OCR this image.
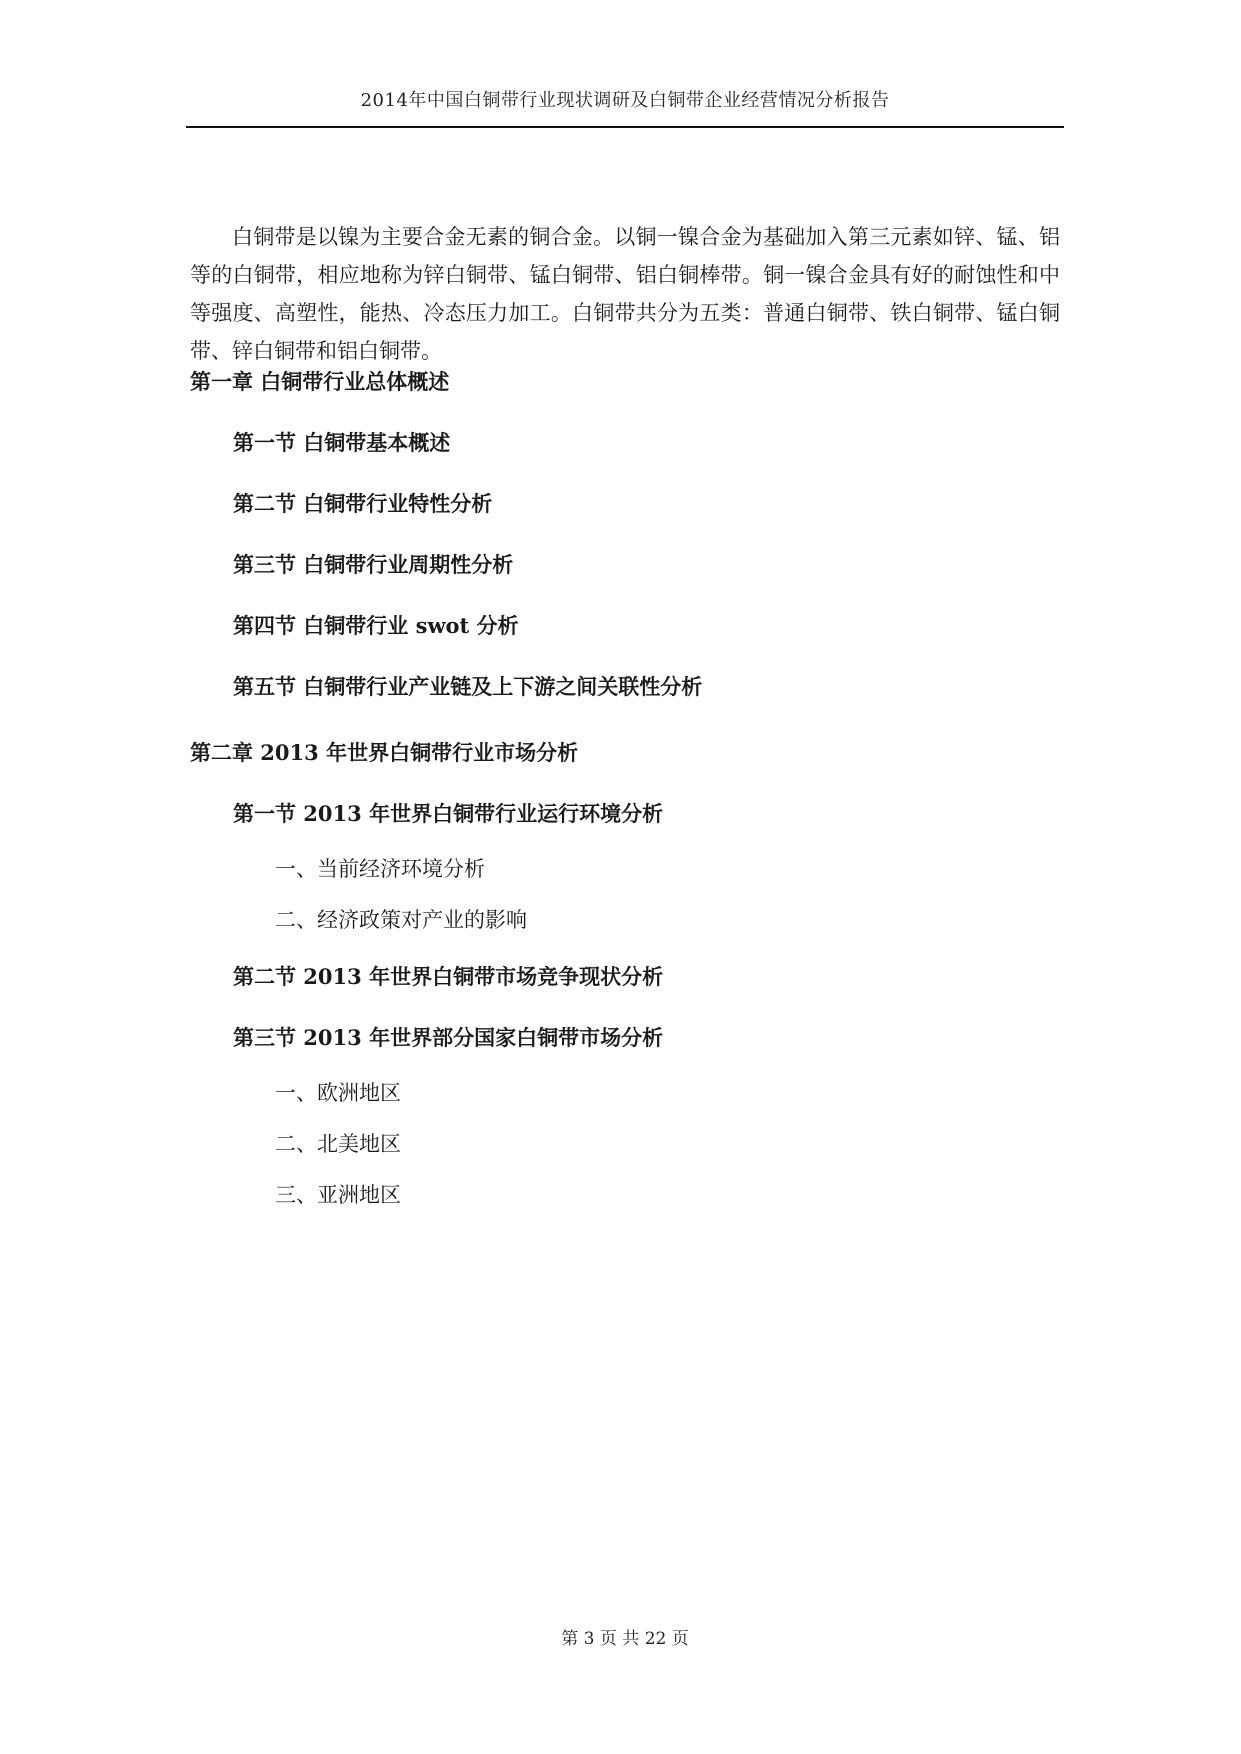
2014年中国白铜带行业现状调研及白铜带企业经营情况分析报告

白铜带是以镍为主要合金无素的铜合金。以铜一镍合金为基础加入第三元素如锌、锰、铝等的白铜带，相应地称为锌白铜带、锰白铜带、铝白铜棒带。铜一镍合金具有好的耐蚀性和中等强度、高塑性，能热、冷态压力加工。白铜带共分为五类：普通白铜带、铁白铜带、锰白铜带、锌白铜带和铝白铜带。

第一章 白铜带行业总体概述

第一节 白铜带基本概述

第二节 白铜带行业特性分析

第三节 白铜带行业周期性分析

第四节 白铜带行业 swot 分析

第五节 白铜带行业产业链及上下游之间关联性分析

第二章 2013 年世界白铜带行业市场分析

第一节 2013 年世界白铜带行业运行环境分析

一、当前经济环境分析

二、经济政策对产业的影响

第二节 2013 年世界白铜带市场竞争现状分析

第三节 2013 年世界部分国家白铜带市场分析

一、欧洲地区

二、北美地区

三、亚洲地区

第 3 页 共 22 页
